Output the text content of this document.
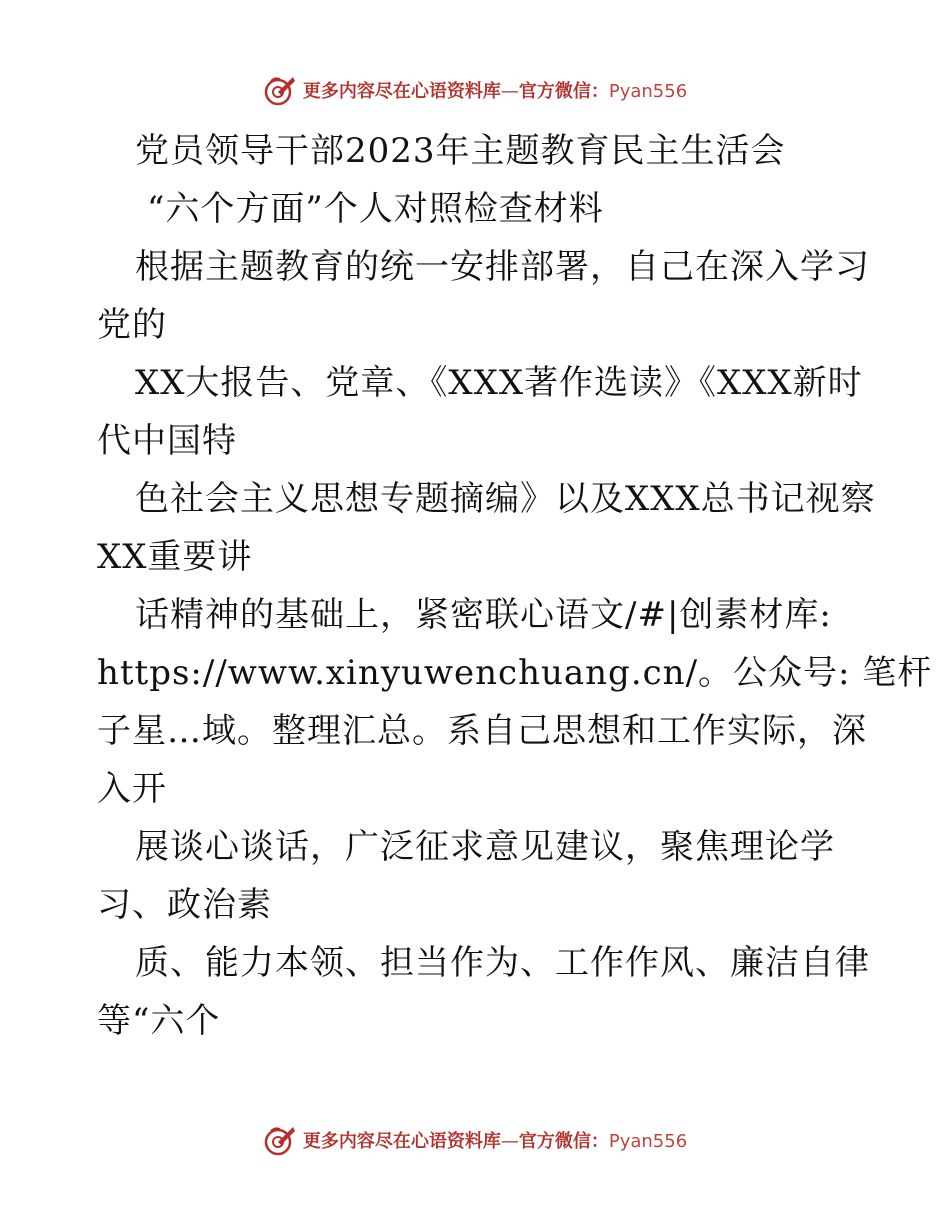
更多内容尽在心语资料库 — 官方微信： Pyan556
党员领导干部2023年主题教育民主生活会
“六个方面”个人对照检查材料
根据主题教育的统一安排部署，自己在深入学习
党的
XX大报告、党章、《XXX著作选读》《XXX新时
代中国特
色社会主义思想专题摘编》以及XXX总书记视察
XX重要讲
话精神的基础上，紧密联心语文/#|创素材库:
https://www.xinyuwenchuang.cn/。公众号: 笔杆
子星…域。整理汇总。系自己思想和工作实际，深
入开
展谈心谈话，广泛征求意见建议，聚焦理论学
习、政治素
质、能力本领、担当作为、工作作风、廉洁自律
等“六个
更多内容尽在心语资料库 — 官方微信： Pyan556
